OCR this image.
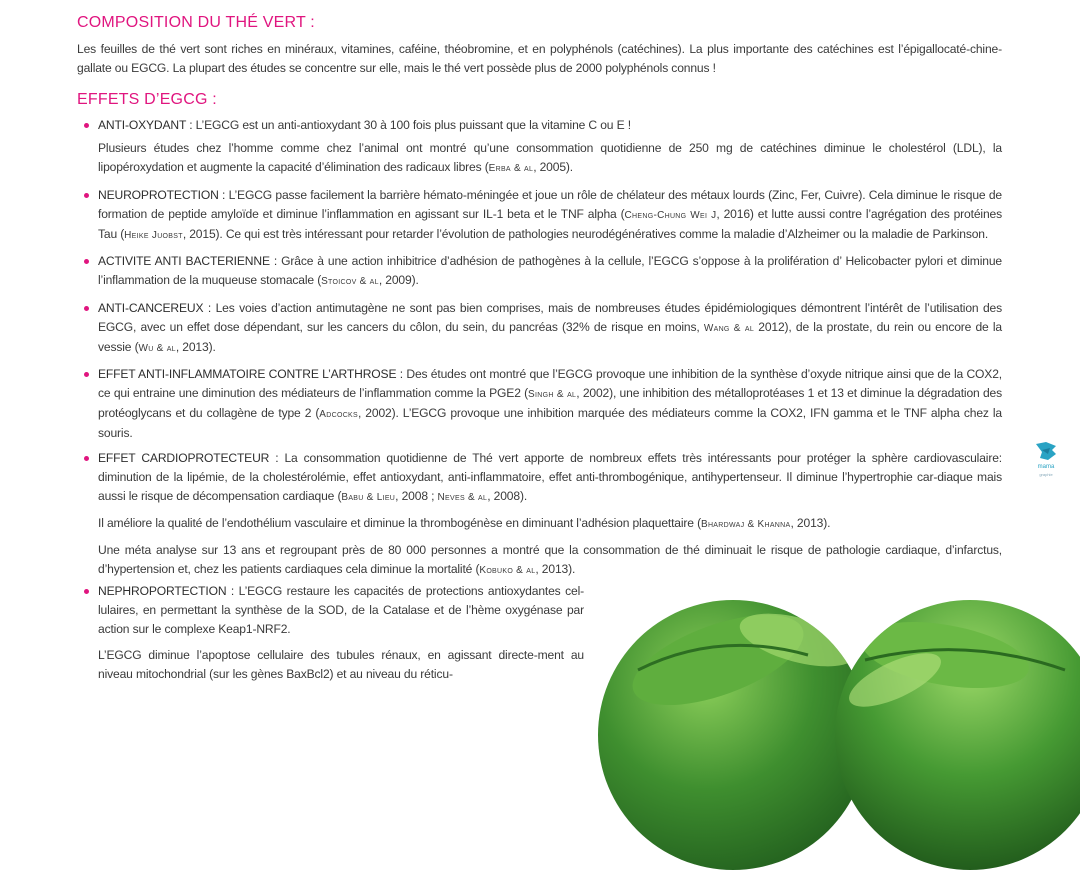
COMPOSITION DU THÉ VERT :

Les feuilles de thé vert sont riches en minéraux, vitamines, caféine, théobromine, et en polyphénols (catéchines). La plus importante des catéchines est l’épigallocaté-chine-gallate ou EGCG. La plupart des études se concentre sur elle, mais le thé vert possède plus de 2000 polyphénols connus !

EFFETS D’EGCG :

ANTI-OXYDANT : L’EGCG est un anti-antioxydant 30 à 100 fois plus puissant que la vitamine C ou E !

Plusieurs études chez l’homme comme chez l’animal ont montré qu’une consommation quotidienne de 250 mg de catéchines diminue le cholestérol (LDL), la lipopéroxydation et augmente la capacité d’élimination des radicaux libres (Erba & al, 2005).

NEUROPROTECTION : L’EGCG passe facilement la barrière hémato-méningée et joue un rôle de chélateur des métaux lourds (Zinc, Fer, Cuivre). Cela diminue le risque de formation de peptide amyloïde et diminue l’inflammation en agissant sur IL-1 beta et le TNF alpha (Cheng-Chung Wei J, 2016) et lutte aussi contre l’agrégation des protéines Tau (Heike Juobst, 2015). Ce qui est très intéressant pour retarder l’évolution de pathologies neurodégénératives comme la maladie d’Alzheimer ou la maladie de Parkinson.

ACTIVITE ANTI BACTERIENNE : Grâce à une action inhibitrice d’adhésion de pathogènes à la cellule, l’EGCG s’oppose à la prolifération d’ Helicobacter pylori et diminue l’inflammation de la muqueuse stomacale (Stoicov & al, 2009).

ANTI-CANCEREUX : Les voies d’action antimutagène ne sont pas bien comprises, mais de nombreuses études épidémiologiques démontrent l’intérêt de l’utilisation des EGCG, avec un effet dose dépendant, sur les cancers du côlon, du sein, du pancréas (32% de risque en moins, Wang & al 2012), de la prostate, du rein ou encore de la vessie (Wu & al, 2013).

EFFET ANTI-INFLAMMATOIRE CONTRE L’ARTHROSE : Des études ont montré que l’EGCG provoque une inhibition de la synthèse d’oxyde nitrique ainsi que de la COX2, ce qui entraine une diminution des médiateurs de l’inflammation comme la PGE2 (Singh & al, 2002), une inhibition des métalloprotéases 1 et 13 et diminue la dégradation des protéoglycans et du collagène de type 2 (Adcocks, 2002). L’EGCG provoque une inhibition marquée des médiateurs comme la COX2, IFN gamma et le TNF alpha chez la souris.

EFFET CARDIOPROTECTEUR : La consommation quotidienne de Thé vert apporte de nombreux effets très intéressants pour protéger la sphère cardiovasculaire: diminution de la lipémie, de la cholestérolémie, effet antioxydant, anti-inflammatoire, effet anti-thrombogénique, antihypertenseur. Il diminue l’hypertrophie car-diaque mais aussi le risque de décompensation cardiaque (Babu & Lieu, 2008 ; Neves & al, 2008).

Il améliore la qualité de l’endothélium vasculaire et diminue la thrombogénèse en diminuant l’adhésion plaquettaire (Bhardwaj & Khanna, 2013).

Une méta analyse sur 13 ans et regroupant près de 80 000 personnes a montré que la consommation de thé diminuait le risque de pathologie cardiaque, d’infarctus, d’hypertension et, chez les patients cardiaques cela diminue la mortalité (Kobuko & al, 2013).

NEPHROPORTECTION : L’EGCG restaure les capacités de protections antioxydantes cel-lulaires, en permettant la synthèse de la SOD, de la Catalase et de l’hème oxygénase par action sur le complexe Keap1-NRF2.

L’EGCG diminue l’apoptose cellulaire des tubules rénaux, en agissant directe-ment au niveau mitochondrial (sur les gènes BaxBcl2) et au niveau du réticu-

mama
graphie
